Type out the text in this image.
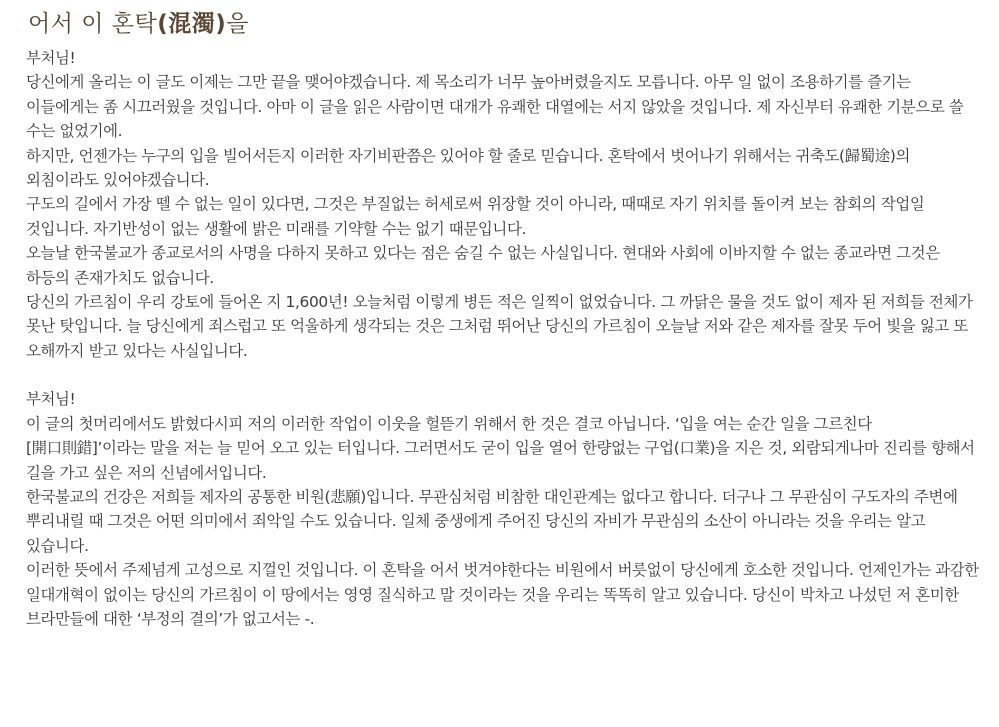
어서 이 혼탁(混濁)을

부처님!

당신에게 올리는 이 글도 이제는 그만 끝을 맺어야겠습니다. 제 목소리가 너무 높아버렸을지도 모릅니다. 아무 일 없이 조용하기를 즐기는 이들에게는 좀 시끄러웠을 것입니다. 아마 이 글을 읽은 사람이면 대개가 유쾌한 대열에는 서지 않았을 것입니다. 제 자신부터 유쾌한 기분으로 쓸 수는 없었기에.

하지만, 언젠가는 누구의 입을 빌어서든지 이러한 자기비판쯤은 있어야 할 줄로 믿습니다. 혼탁에서 벗어나기 위해서는 귀축도(歸蜀途)의 외침이라도 있어야겠습니다.

구도의 길에서 가장 뗄 수 없는 일이 있다면, 그것은 부질없는 허세로써 위장할 것이 아니라, 때때로 자기 위치를 돌이켜 보는 참회의 작업일 것입니다. 자기반성이 없는 생활에 밝은 미래를 기약할 수는 없기 때문입니다.

오늘날 한국불교가 종교로서의 사명을 다하지 못하고 있다는 점은 숨길 수 없는 사실입니다. 현대와 사회에 이바지할 수 없는 종교라면 그것은 하등의 존재가치도 없습니다.

당신의 가르침이 우리 강토에 들어온 지 1,600년! 오늘처럼 이렇게 병든 적은 일찍이 없었습니다. 그 까닭은 물을 것도 없이 제자 된 저희들 전체가 못난 탓입니다. 늘 당신에게 죄스럽고 또 억울하게 생각되는 것은 그처럼 뛰어난 당신의 가르침이 오늘날 저와 같은 제자를 잘못 두어 빛을 잃고 또 오해까지 받고 있다는 사실입니다.

부처님!

이 글의 첫머리에서도 밝혔다시피 저의 이러한 작업이 이웃을 헐뜯기 위해서 한 것은 결코 아닙니다. ‘입을 여는 순간 일을 그르친다[開口則錯]’이라는 말을 저는 늘 믿어 오고 있는 터입니다. 그러면서도 굳이 입을 열어 한량없는 구업(口業)을 지은 것, 외람되게나마 진리를 향해서 길을 가고 싶은 저의 신념에서입니다.

한국불교의 건강은 저희들 제자의 공통한 비원(悲願)입니다. 무관심처럼 비참한 대인관계는 없다고 합니다. 더구나 그 무관심이 구도자의 주변에 뿌리내릴 때 그것은 어떤 의미에서 죄악일 수도 있습니다. 일체 중생에게 주어진 당신의 자비가 무관심의 소산이 아니라는 것을 우리는 알고 있습니다.

이러한 뜻에서 주제넘게 고성으로 지껄인 것입니다. 이 혼탁을 어서 벗겨야한다는 비원에서 버릇없이 당신에게 호소한 것입니다. 언제인가는 과감한 일대개혁이 없이는 당신의 가르침이 이 땅에서는 영영 질식하고 말 것이라는 것을 우리는 똑똑히 알고 있습니다. 당신이 박차고 나섰던 저 혼미한 브라만들에 대한 ‘부정의 결의’가 없고서는 -.
